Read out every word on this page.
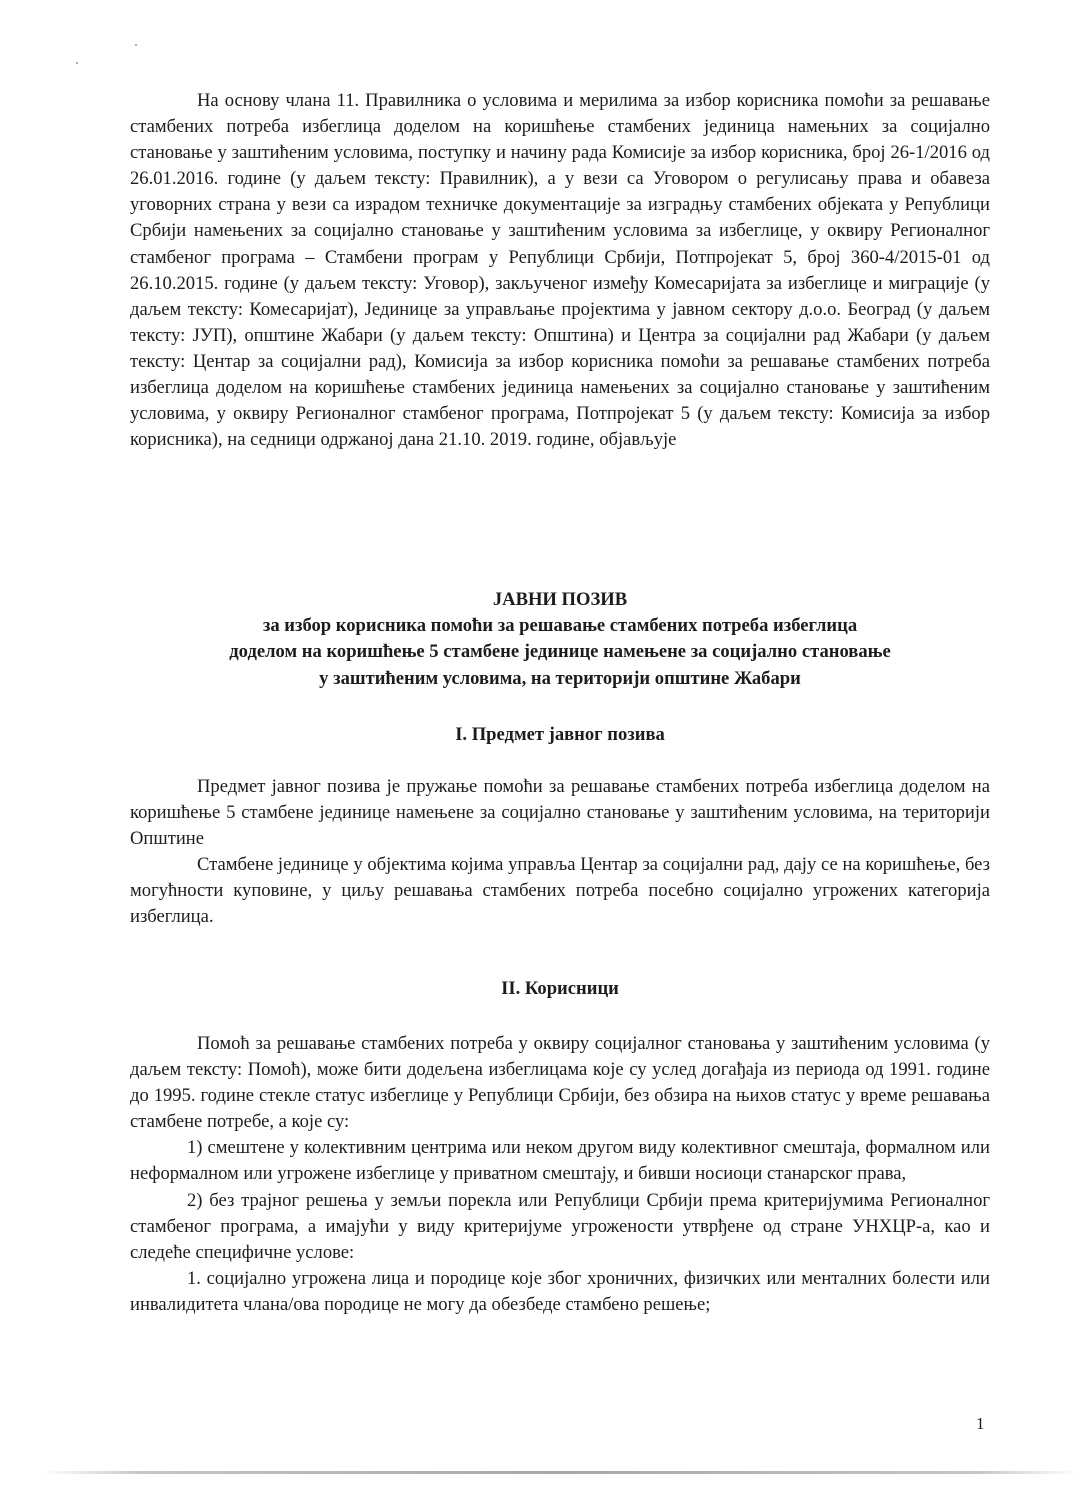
На основу члана 11. Правилника о условима и мерилима за избор корисника помоћи за решавање стамбених потреба избеглица доделом на коришћење стамбених јединица намењних за социјално становање у заштићеним условима, поступку и начину рада Комисије за избор корисника, број 26-1/2016 од 26.01.2016. године (у даљем тексту: Правилник), а у вези са Уговором о регулисању права и обавеза уговорних страна у вези са израдом техничке документације за изградњу стамбених објеката у Републици Србији намењених за социјално становање у заштићеним условима за избеглице, у оквиру Регионалног стамбеног програма – Стамбени програм у Републици Србији, Потпројекат 5, број 360-4/2015-01 од 26.10.2015. године (у даљем тексту: Уговор), закљученог између Комесаријата за избеглице и миграције (у даљем тексту: Комесаријат), Јединице за управљање пројектима у јавном сектору д.о.о. Београд (у даљем тексту: ЈУП), општине Жабари (у даљем тексту: Општина) и Центра за социјални рад Жабари (у даљем тексту: Центар за социјални рад), Комисија за избор корисника помоћи за решавање стамбених потреба избеглица доделом на коришћење стамбених јединица намењених за социјално становање у заштићеним условима, у оквиру Регионалног стамбеног програма, Потпројекат 5 (у даљем тексту: Комисија за избор корисника), на седници одржаној дана 21.10. 2019. године, објављује

ЈАВНИ ПОЗИВ
за избор корисника помоћи за решавање стамбених потреба избеглица
доделом на коришћење 5 стамбене јединице намењене за социјално становање
у заштићеним условима, на територији општине Жабари
I. Предмет јавног позива

Предмет јавног позива је пружање помоћи за решавање стамбених потреба избеглица доделом на коришћење 5 стамбене јединице намењене за социјално становање у заштићеним условима, на територији Општине

Стамбене јединице у објектима којима управља Центар за социјални рад, дају се на коришћење, без могућности куповине, у циљу решавања стамбених потреба посебно социјално угрожених категорија избеглица.

II. Корисници

Помоћ за решавање стамбених потреба у оквиру социјалног становања у заштићеним условима (у даљем тексту: Помоћ), може бити додељена избеглицама које су услед догађаја из периода од 1991. године до 1995. године стекле статус избеглице у Републици Србији, без обзира на њихов статус у време решавања стамбене потребе, а које су:

1) смештене у колективним центрима или неком другом виду колективног смештаја, формалном или неформалном или угрожене избеглице у приватном смештају, и бивши носиоци станарског права,

2) без трајног решења у земљи порекла или Републици Србији према критеријумима Регионалног стамбеног програма, а имајући у виду критеријуме угрожености утврђене од стране УНХЦР-а, као и следеће специфичне услове:

1. социјално угрожена лица и породице које због хроничних, физичких или менталних болести или инвалидитета члана/ова породице не могу да обезбеде стамбено решење;

1
